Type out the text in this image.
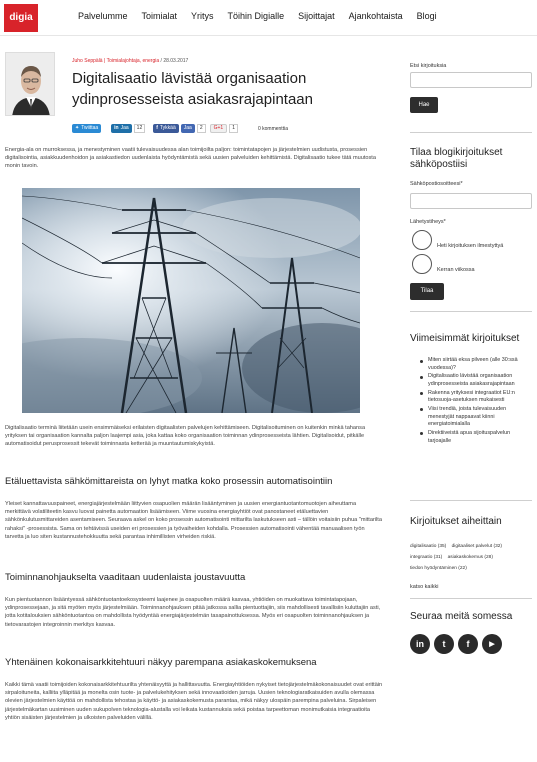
digia	Palvelumme Toimialat Yritys Töihin Digialle Sijoittajat Ajankohtaista Blogi
Juho Seppälä | Toimialajohtaja, energia / 28.03.2017
Digitalisaatio lävistää organisaation ydinprosesseista asiakasrajapintaan
✦ Twiittaa	in Jaa	12	f Tykkää Jaa	2	G+1	1	0 kommenttia

Energia-ala on murroksessa, ja menestyminen vaatii tulevaisuudessa alan toimijoilta paljon: toimintatapojen ja järjestelmien uudistusta, prosessien digitalisointia, asiakkuudenhoidon ja asiakastiedon uudenlaista hyödyntämistä sekä uusien palveluiden kehittämistä. Digitalisaatio tukee tätä muutosta monin tavoin.

Digitalisaatio terminä liitetään usein ensimmäiseksi erilaisten digitaalisten palvelujen kehittämiseen. Digitalisoituminen on kuitenkin minkä tahansa yrityksen tai organisaation kannalta paljon laajempi asia, joka kattaa koko organisaation toiminnan ydinprosesseista lähtien. Digitalisoidut, pitkälle automatisoidut perusprosessit tekevät toiminnasta ketterää ja muuntautumiskykyistä.

Etäluettavista sähkömittareista on lyhyt matka koko prosessin automatisointiin

Yleiset kannattavuuspaineet, energiajärjestelmään liittyvien osapuolien määrän lisääntyminen ja uusien energiantuotantomuotojen aiheuttama merkittävä volatiliteetin kasvu luovat painetta automaation lisäämiseen. Viime vuosina energiayhtiöt ovat panostaneet etäluettavien sähkönkulutusmittareiden asentamiseen. Seuraava askel on koko prosessin automatisointi mittarilta laskutukseen asti – tällöin voitaisiin puhua "mittarilta rahaksi" -prosessista. Sama on tehtävissä useiden eri prosessien ja työvaiheiden kohdalla. Prosessien automatisointi vähentää manuaalisen työn tarvetta ja luo siten kustannustehokkuutta sekä parantaa inhimillisten virheiden riskiä.

Toiminnanohjaukselta vaaditaan uudenlaista joustavuutta

Kun pientuotannon lisääntyessä sähköntuotantoekosysteemi laajenee ja osapuolten määrä kasvaa, yhtiöiden on muokattava toimintatapojaan, ydinprosessejaan, ja sitä myöten myös järjestelmiään. Toiminnanohjauksen pitää jatkossa sallia pientuottajiin, siis mahdollisesti tavallisiin kuluttajiin asti, jotta kotitalouksien sähköntuotantoa on mahdollista hyödyntää energiajärjestelmän tasapainottuksessa. Myös eri osapuolten toiminnanohjauksen ja tietovarastojen integroinnin merkitys kasvaa.

Yhtenäinen kokonaisarkkitehtuuri näkyy parempana asiakaskokemuksena

Kaikki tämä vaatii toimijoiden kokonaisarkkitehtuurilta yhtenäisyyttä ja hallittavuutta. Energiayhtiöiden nykyiset tietojärjestelmäkokonaisuudet ovat erittäin sirpaloituneita, kalliita ylläpitää ja monelta osin tuote- ja palvelukehityksen sekä innovaatioiden jarruja. Uusien teknologiaratkaisuiden avulla olemassa olevien järjestelmien käyttöä on mahdollista tehostaa ja käyttö- ja asiakaskokemusta parantaa, mikä näkyy ulospäin parempina palveluina. Sirpaleisen järjestelmäkartan uusiminen uuden sukupolven teknologia-alustalla voi leikata kustannuksia sekä poistaa tarpeettoman monimutkaisia integraatioita yhtiön sisäisten järjestelmien ja ulkoisten palveluiden välillä.

Etsi kirjoituksia
Hae
Tilaa blogikirjoitukset sähköpostiisi
Sähköpostiosoitteesi*
Lähetystiheys*
Heti kirjoituksen ilmestyttyä
Kerran viikossa
Tilaa
Viimeisimmät kirjoitukset
Miten siirtää eksa pilveen (alle 30:ssä vuodessa)?
Digitalisaatio lävistää organisaation ydinprosesseista asiakasrajapintaan
Rakenna yrityksesi integraatiot EU:n tietosuoja-asetuksen mukaisesti
Viisi trendiä, joista tulevaisuuden menestyjät nappaavat kiinni energiatoimialalla
Direktiiveistä apua sijoituspalvelun tarjoajalle
Kirjoitukset aiheittain
digitalisaatio (35) digitaaliset palvelut (32) integraatio (31) asiakaskokemus (28) tiedon hyödyntäminen (22)
katso kaikki
Seuraa meitä somessa
in	t	f	▶
